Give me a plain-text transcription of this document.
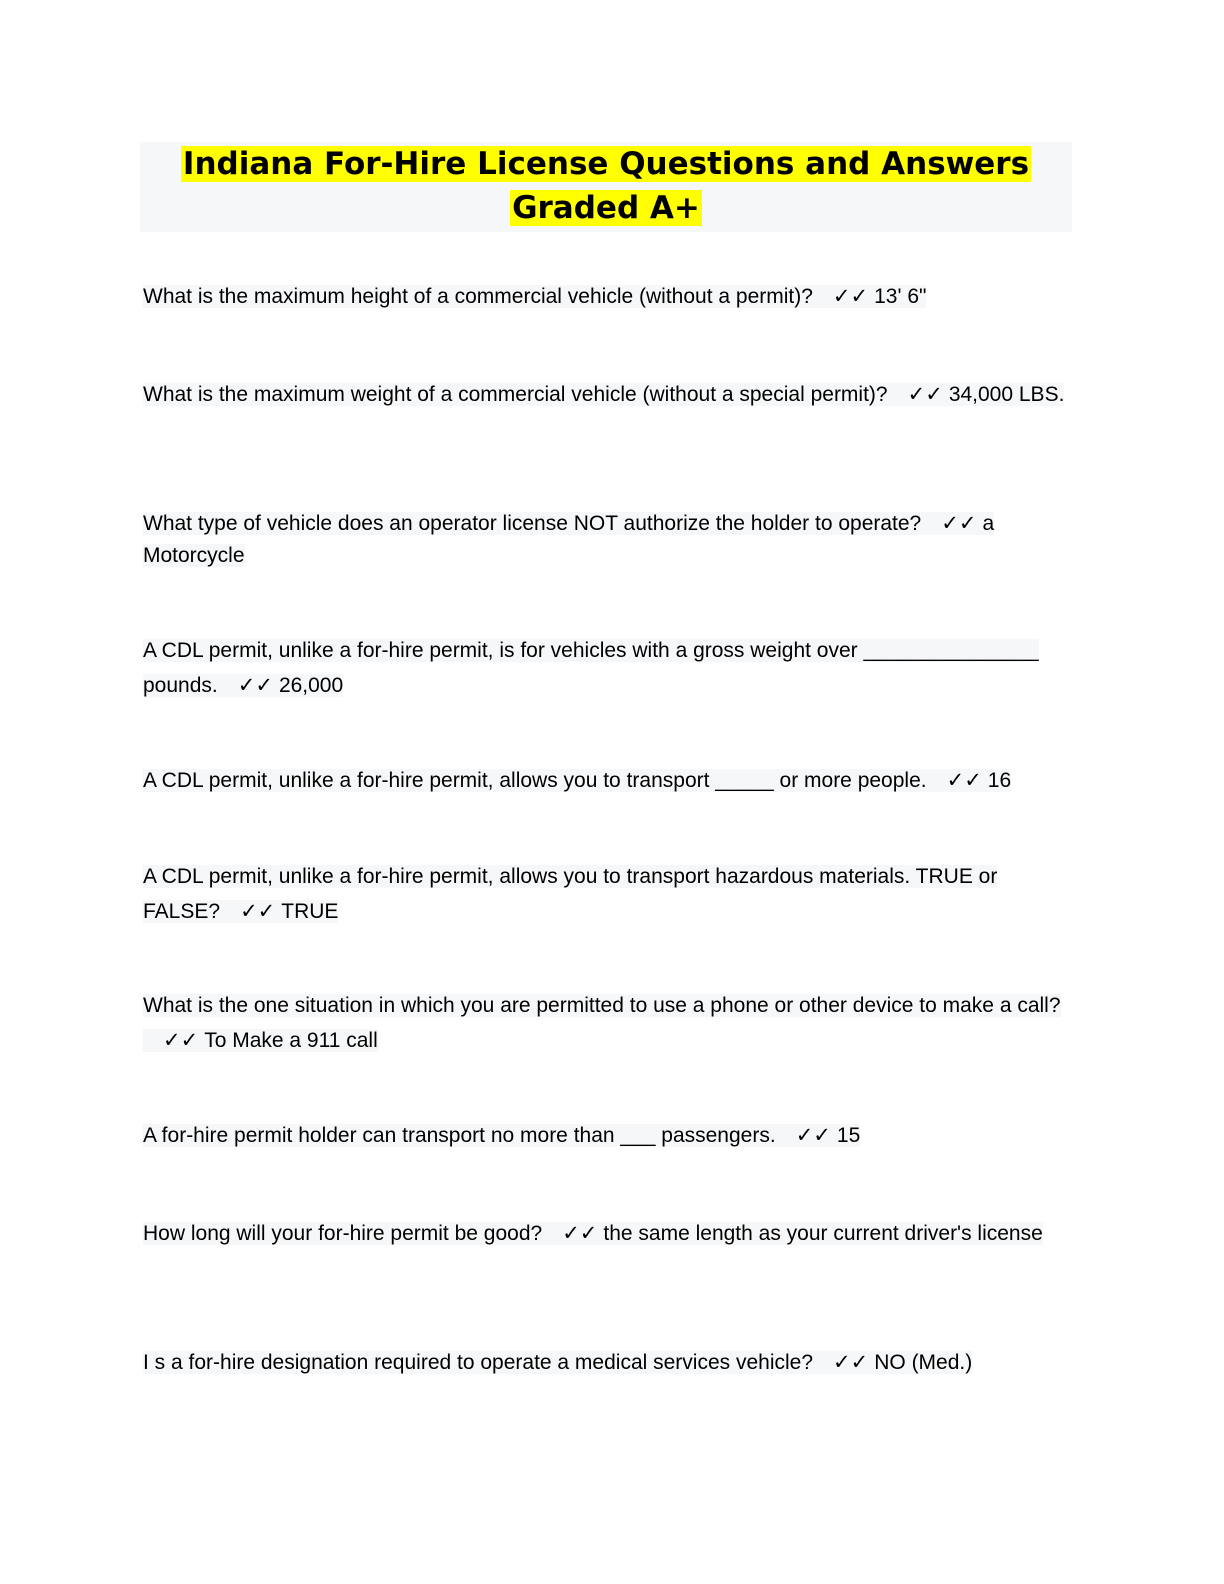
Indiana For-Hire License Questions and Answers
Graded A+
What is the maximum height of a commercial vehicle (without a permit)? ✓✓ 13' 6"
What is the maximum weight of a commercial vehicle (without a special permit)? ✓✓ 34,000 LBS.
What type of vehicle does an operator license NOT authorize the holder to operate? ✓✓ a Motorcycle
A CDL permit, unlike a for-hire permit, is for vehicles with a gross weight over _______________ pounds. ✓✓ 26,000
A CDL permit, unlike a for-hire permit, allows you to transport _____ or more people. ✓✓ 16
A CDL permit, unlike a for-hire permit, allows you to transport hazardous materials. TRUE or FALSE? ✓✓ TRUE
What is the one situation in which you are permitted to use a phone or other device to make a call?✓✓ To Make a 911 call
A for-hire permit holder can transport no more than ___ passengers. ✓✓ 15
How long will your for-hire permit be good? ✓✓ the same length as your current driver's license
I s a for-hire designation required to operate a medical services vehicle? ✓✓ NO (Med.)
